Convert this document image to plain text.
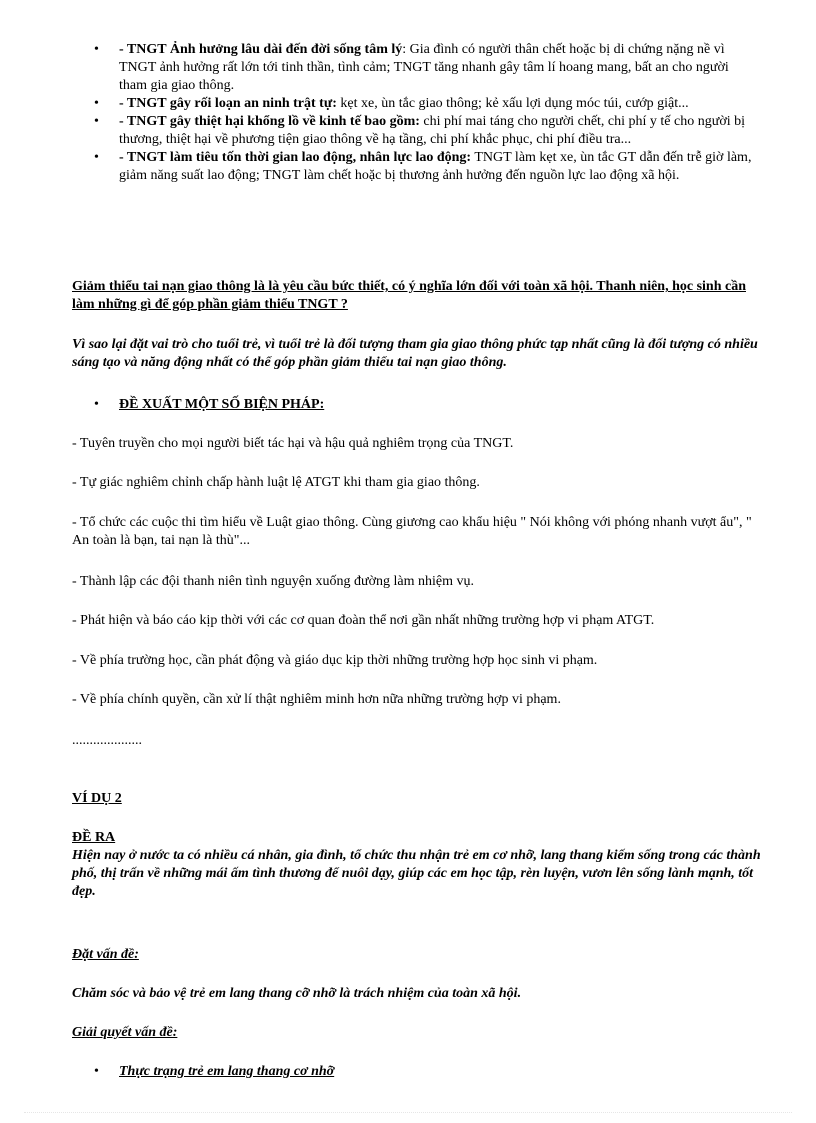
• - TNGT Ảnh hưởng lâu dài đến đời sống tâm lý: Gia đình có người thân chết hoặc bị di chứng nặng nề vì TNGT ảnh hưởng rất lớn tới tinh thần, tình cảm; TNGT tăng nhanh gây tâm lí hoang mang, bất an cho người tham gia giao thông.
• - TNGT gây rối loạn an ninh trật tự: kẹt xe, ùn tắc giao thông; kẻ xấu lợi dụng móc túi, cướp giật...
• - TNGT gây thiệt hại khổng lồ về kinh tế bao gồm: chi phí mai táng cho người chết, chi phí y tế cho người bị thương, thiệt hại về phương tiện giao thông về hạ tầng, chi phí khắc phục, chi phí điều tra...
• - TNGT làm tiêu tốn thời gian lao động, nhân lực lao động: TNGT làm kẹt xe, ùn tắc GT dẫn đến trễ giờ làm, giảm năng suất lao động; TNGT làm chết hoặc bị thương ảnh hưởng đến nguồn lực lao động xã hội.
Giảm thiểu tai nạn giao thông là là yêu cầu bức thiết, có ý nghĩa lớn đối với toàn xã hội. Thanh niên, học sinh cần làm những gì để góp phần giảm thiểu TNGT ?
Vì sao lại đặt vai trò cho tuổi trẻ, vì tuổi trẻ là đối tượng tham gia giao thông phức tạp nhất cũng là đối tượng có nhiều sáng tạo và năng động nhất có thể góp phần giảm thiểu tai nạn giao thông.
• ĐỀ XUẤT MỘT SỐ BIỆN PHÁP:
- Tuyên truyền cho mọi người biết tác hại và hậu quả nghiêm trọng của TNGT.
- Tự giác nghiêm chỉnh chấp hành luật lệ ATGT khi tham gia giao thông.
- Tổ chức các cuộc thi tìm hiểu về Luật giao thông. Cùng giương cao khẩu hiệu " Nói không với phóng nhanh vượt ẩu", " An toàn là bạn, tai nạn là thù"...
- Thành lập các đội thanh niên tình nguyện xuống đường làm nhiệm vụ.
- Phát hiện và báo cáo kịp thời với các cơ quan đoàn thể nơi gần nhất những trường hợp vi phạm ATGT.
- Về phía trường học, cần phát động và giáo dục kịp thời những trường hợp học sinh vi phạm.
- Về phía chính quyền, cần xử lí thật nghiêm minh hơn nữa những trường hợp vi phạm.
....................
VÍ DỤ 2
ĐỀ RA
Hiện nay ở nước ta có nhiều cá nhân, gia đình, tổ chức thu nhận trẻ em cơ nhỡ, lang thang kiếm sống trong các thành phố, thị trấn về những mái ấm tình thương để nuôi dạy, giúp các em học tập, rèn luyện, vươn lên sống lành mạnh, tốt đẹp.
Đặt vấn đề:
Chăm sóc và bảo vệ trẻ em lang thang cỡ nhỡ là trách nhiệm của toàn xã hội.
Giải quyết vấn đề:
• Thực trạng trẻ em lang thang cơ nhỡ
